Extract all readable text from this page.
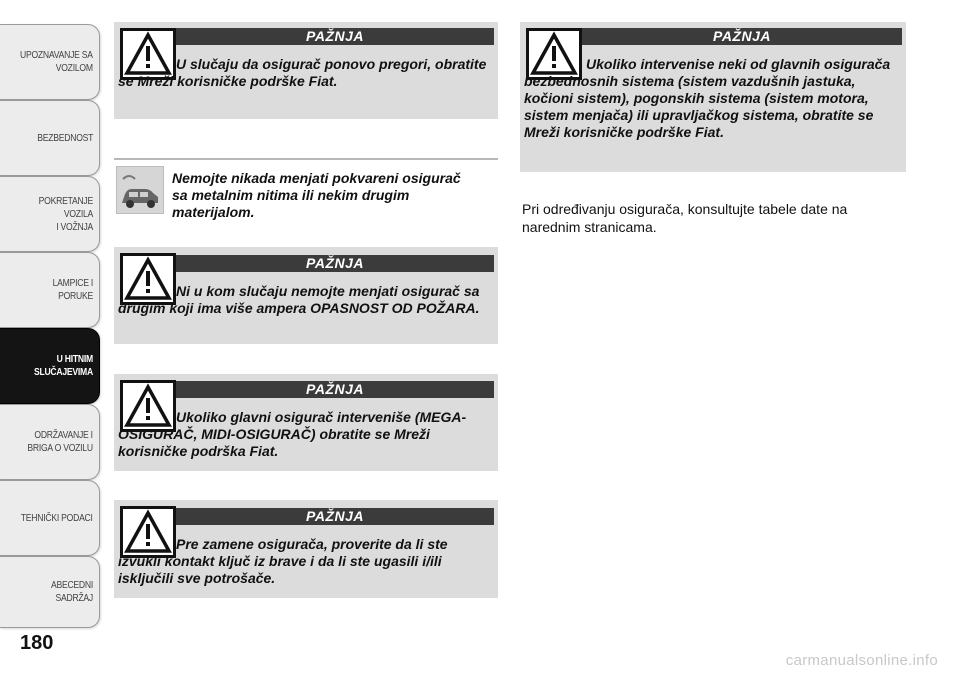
UPOZNAVANJE SA
VOZILOM
BEZBEDNOST
POKRETANJE VOZILA
I VOŽNJA
LAMPICE I PORUKE
U HITNIM
SLUČAJEVIMA
ODRŽAVANJE I
BRIGA O VOZILU
TEHNIČKI PODACI
ABECEDNI SADRŽAJ
180
PAŽNJA

U slučaju da osigurač ponovo pregori, obratite se Mreži korisničke podrške Fiat.

Nemojte nikada menjati pokvareni osigurač sa metalnim nitima ili nekim drugim materijalom.

PAŽNJA

Ni u kom slučaju nemojte menjati osigurač sa drugim koji ima više ampera OPASNOST OD POŽARA.

PAŽNJA

Ukoliko glavni osigurač interveniše (MEGA-OSIGURAČ, MIDI-OSIGURAČ) obratite se Mreži korisničke podrška Fiat.

PAŽNJA

Pre zamene osigurača, proverite da li ste izvukli kontakt ključ iz brave i da li ste ugasili i/ili isključili sve potrošače.

PAŽNJA

Ukoliko intervenise neki od glavnih osigurača bezbednosnih sistema (sistem vazdušnih jastuka, kočioni sistem), pogonskih sistema (sistem motora, sistem menjača) ili upravljačkog sistema, obratite se Mreži korisničke podrške Fiat.

Pri određivanju osigurača, konsultujte tabele date na narednim stranicama.

carmanualsonline.info
